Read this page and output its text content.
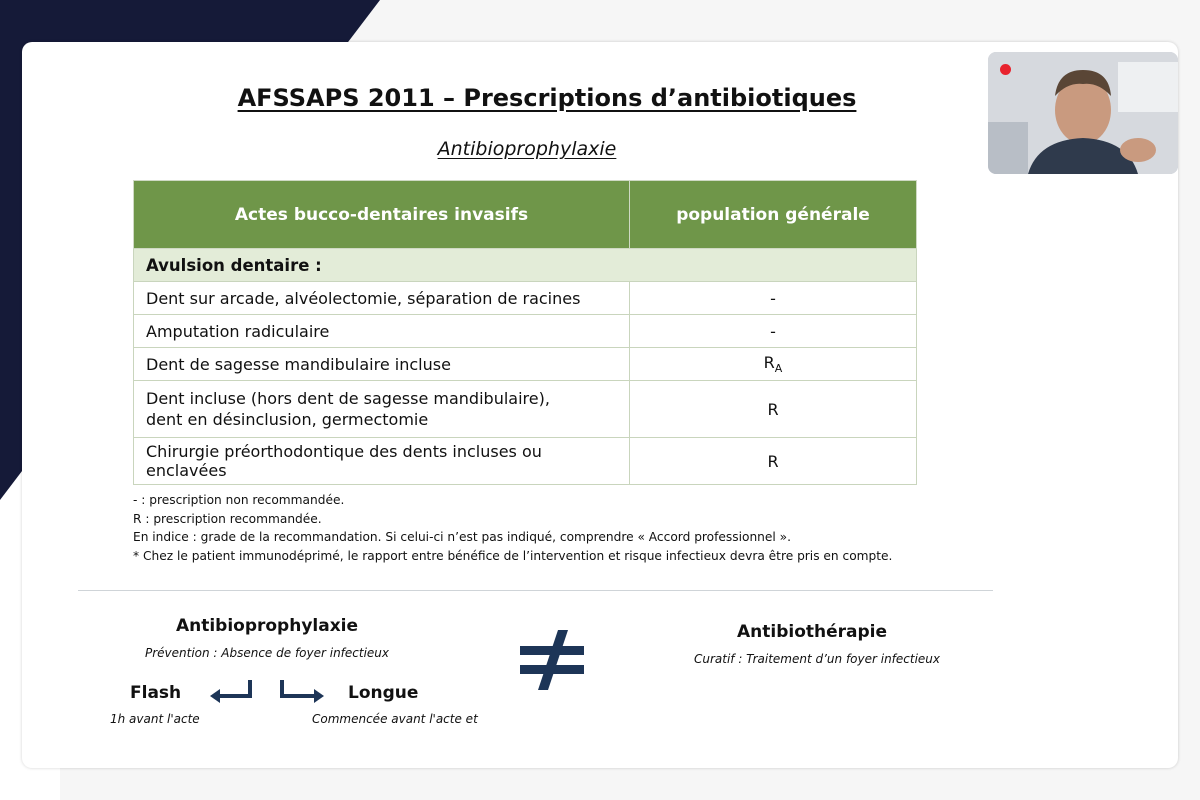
AFSSAPS 2011 – Prescriptions d’antibiotiques
Antibioprophylaxie
Actes bucco-dentaires invasifs	population générale
Avulsion dentaire :	
Dent sur arcade, alvéolectomie, séparation de racines	-
Amputation radiculaire	-
Dent de sagesse mandibulaire incluse	$R_A$
Dent incluse (hors dent de sagesse mandibulaire),
dent en désinclusion, germectomie	R
Chirurgie préorthodontique des dents incluses ou enclavées	R
- : prescription non recommandée.
R : prescription recommandée.
En indice : grade de la recommandation. Si celui-ci n’est pas indiqué, comprendre « Accord professionnel ».
* Chez le patient immunodéprimé, le rapport entre bénéfice de l’intervention et risque infectieux devra être pris en compte.
Antibioprophylaxie
Prévention : Absence de foyer infectieux
Antibiothérapie
Curatif : Traitement d’un foyer infectieux
Flash
1h avant l'acte
Longue
Commencée avant l'acte et
